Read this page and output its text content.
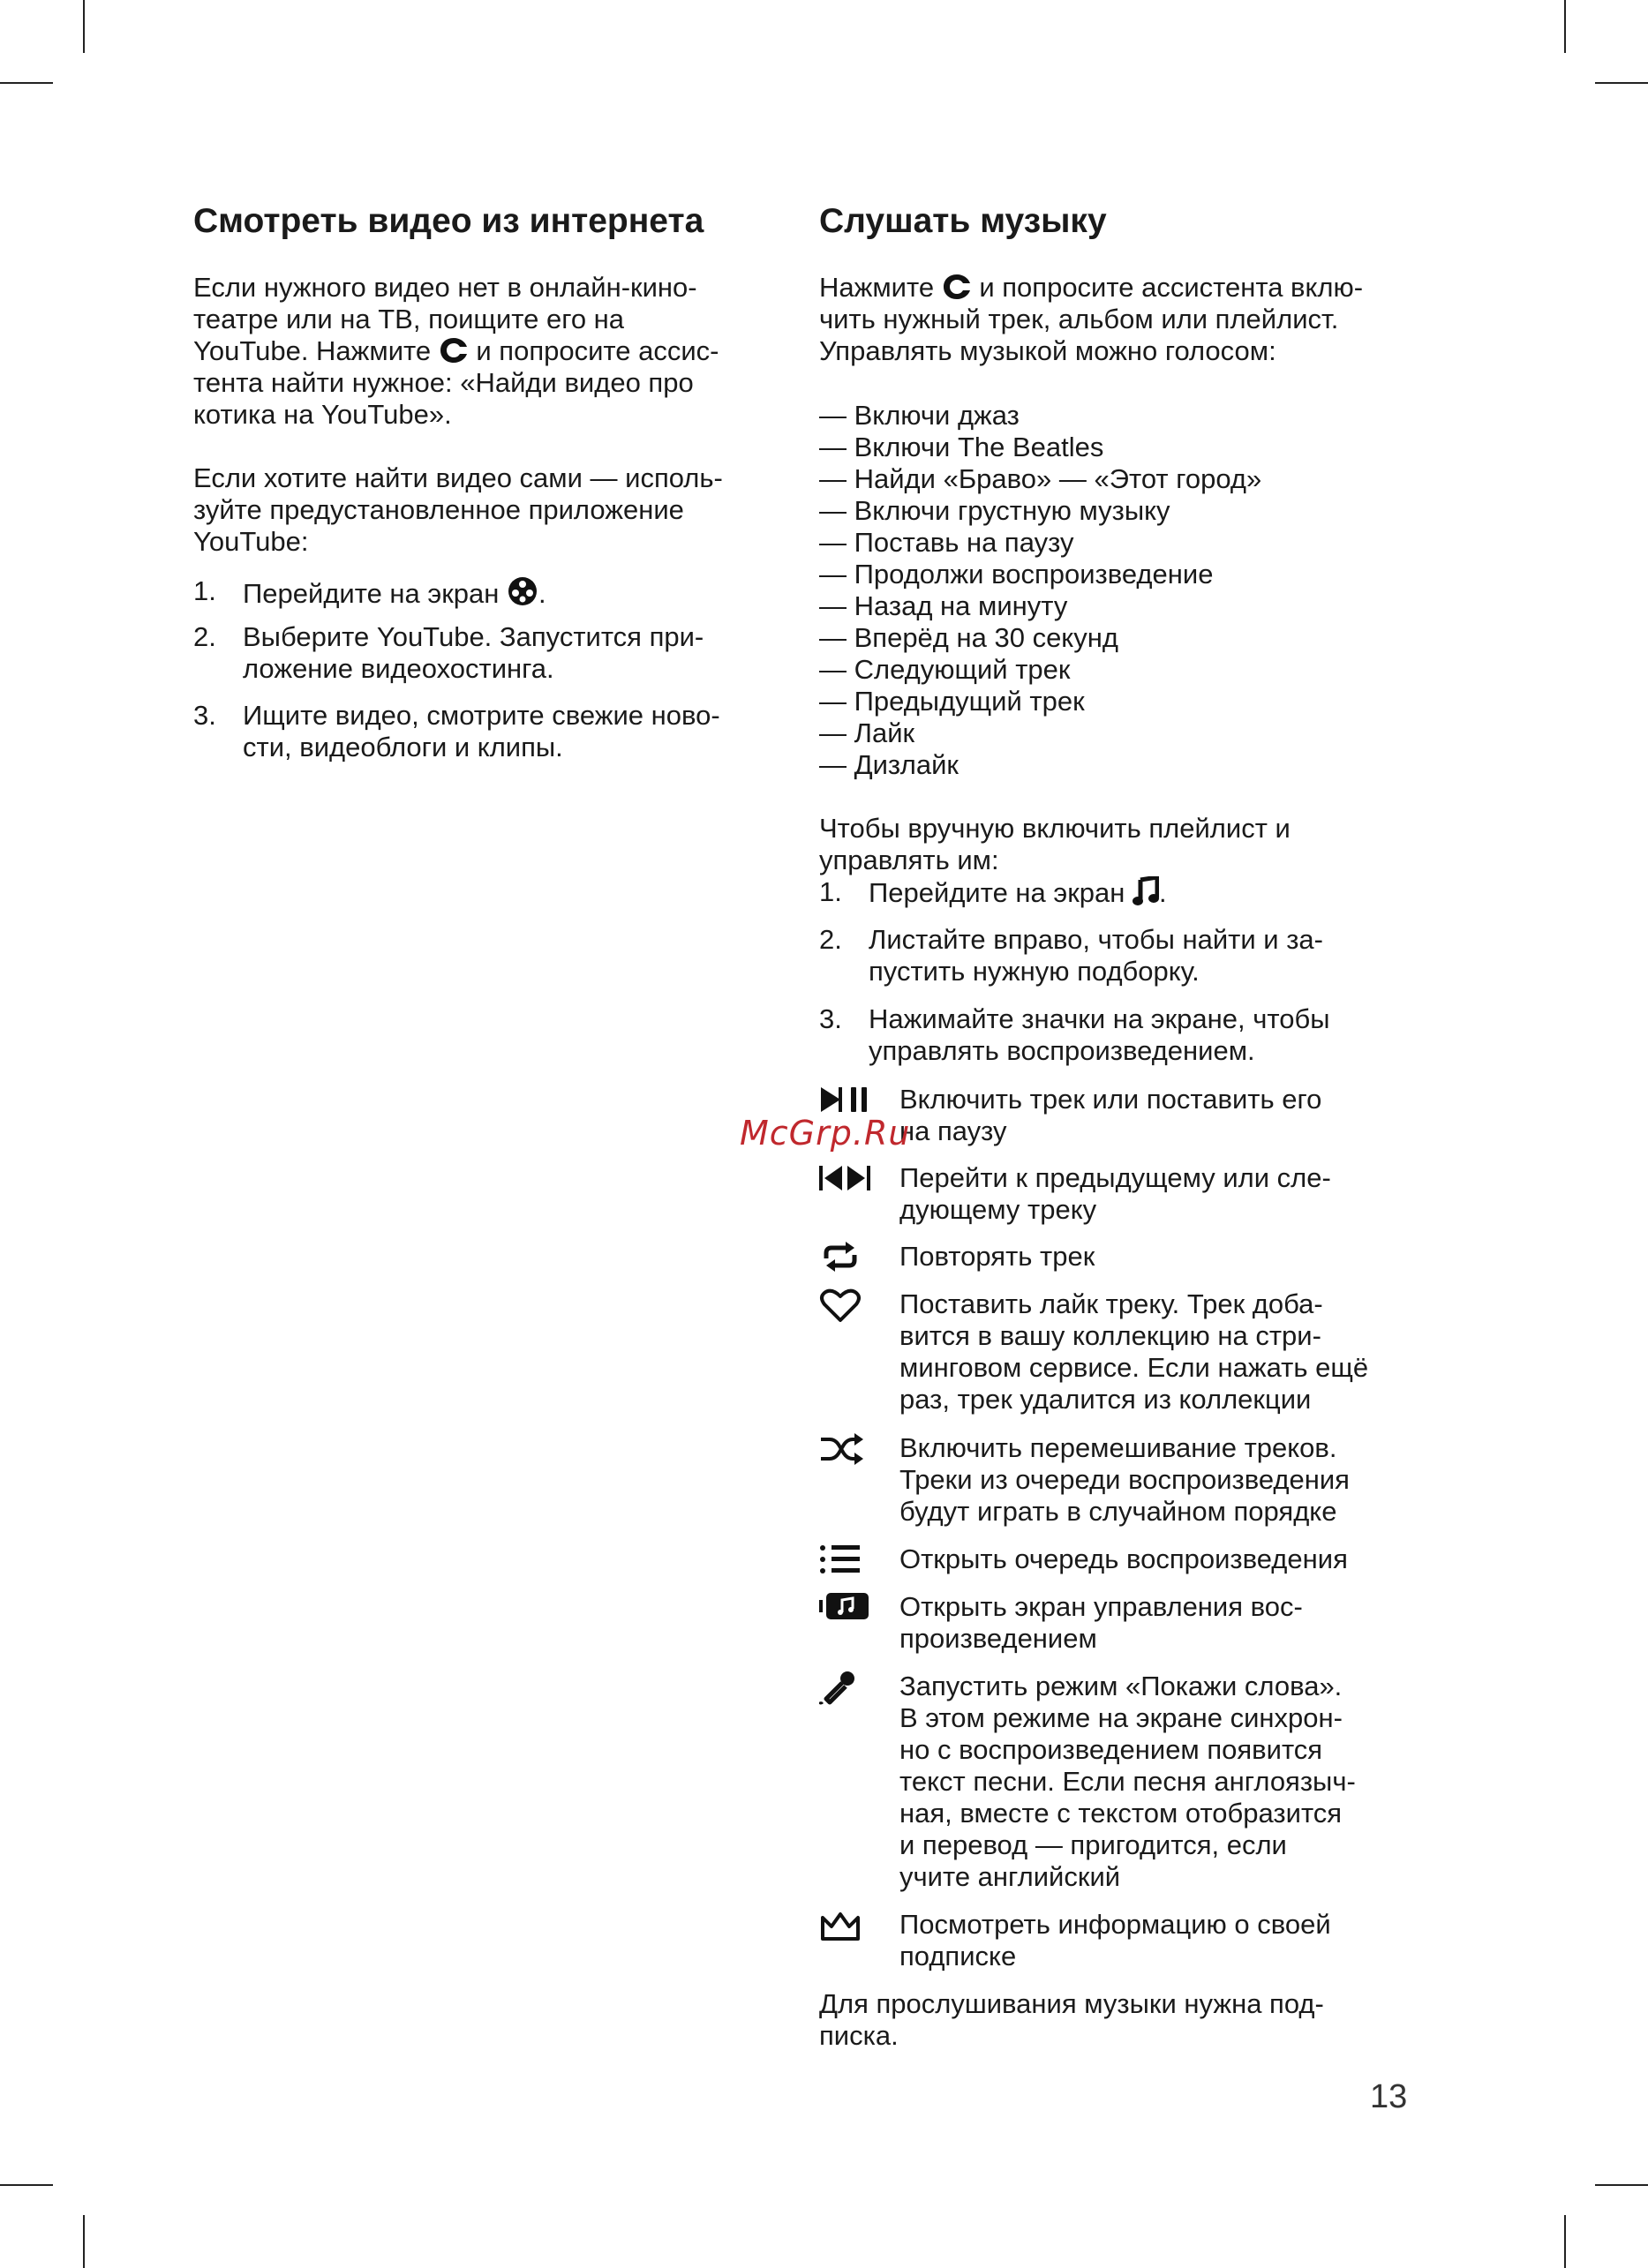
Смотреть видео из интернета
Если нужного видео нет в онлайн-кино-
театре или на ТВ, поищите его на
YouTube. Нажмите  и попросите ассис-
тента найти нужное: «Найди видео про
котика на YouTube».
Если хотите найти видео сами — исполь-
зуйте предустановленное приложение
YouTube:
1. Перейдите на экран .
2. Выберите YouTube. Запустится при-
ложение видеохостинга.
3. Ищите видео, смотрите свежие ново-
сти, видеоблоги и клипы.
Слушать музыку
Нажмите  и попросите ассистента вклю-
чить нужный трек, альбом или плейлист.
Управлять музыкой можно голосом:
— Включи джаз
— Включи The Beatles
— Найди «Браво» — «Этот город»
— Включи грустную музыку
— Поставь на паузу
— Продолжи воспроизведение
— Назад на минуту
— Вперёд на 30 секунд
— Следующий трек
— Предыдущий трек
— Лайк
— Дизлайк
Чтобы вручную включить плейлист и
управлять им:
1. Перейдите на экран .
2. Листайте вправо, чтобы найти и за-
пустить нужную подборку.
3. Нажимайте значки на экране, чтобы
управлять воспроизведением.
Включить трек или поставить его
на паузу
Перейти к предыдущему или сле-
дующему треку
Повторять трек
Поставить лайк треку. Трек доба-
вится в вашу коллекцию на стри-
минговом сервисе. Если нажать ещё
раз, трек удалится из коллекции
Включить перемешивание треков.
Треки из очереди воспроизведения
будут играть в случайном порядке
Открыть очередь воспроизведения
Открыть экран управления вос-
произведением
Запустить режим «Покажи слова».
В этом режиме на экране синхрон-
но с воспроизведением появится
текст песни. Если песня англоязыч-
ная, вместе с текстом отобразится
и перевод — пригодится, если
учите английский
Посмотреть информацию о своей
подписке
Для прослушивания музыки нужна под-
писка.
McGrp.Ru
13
